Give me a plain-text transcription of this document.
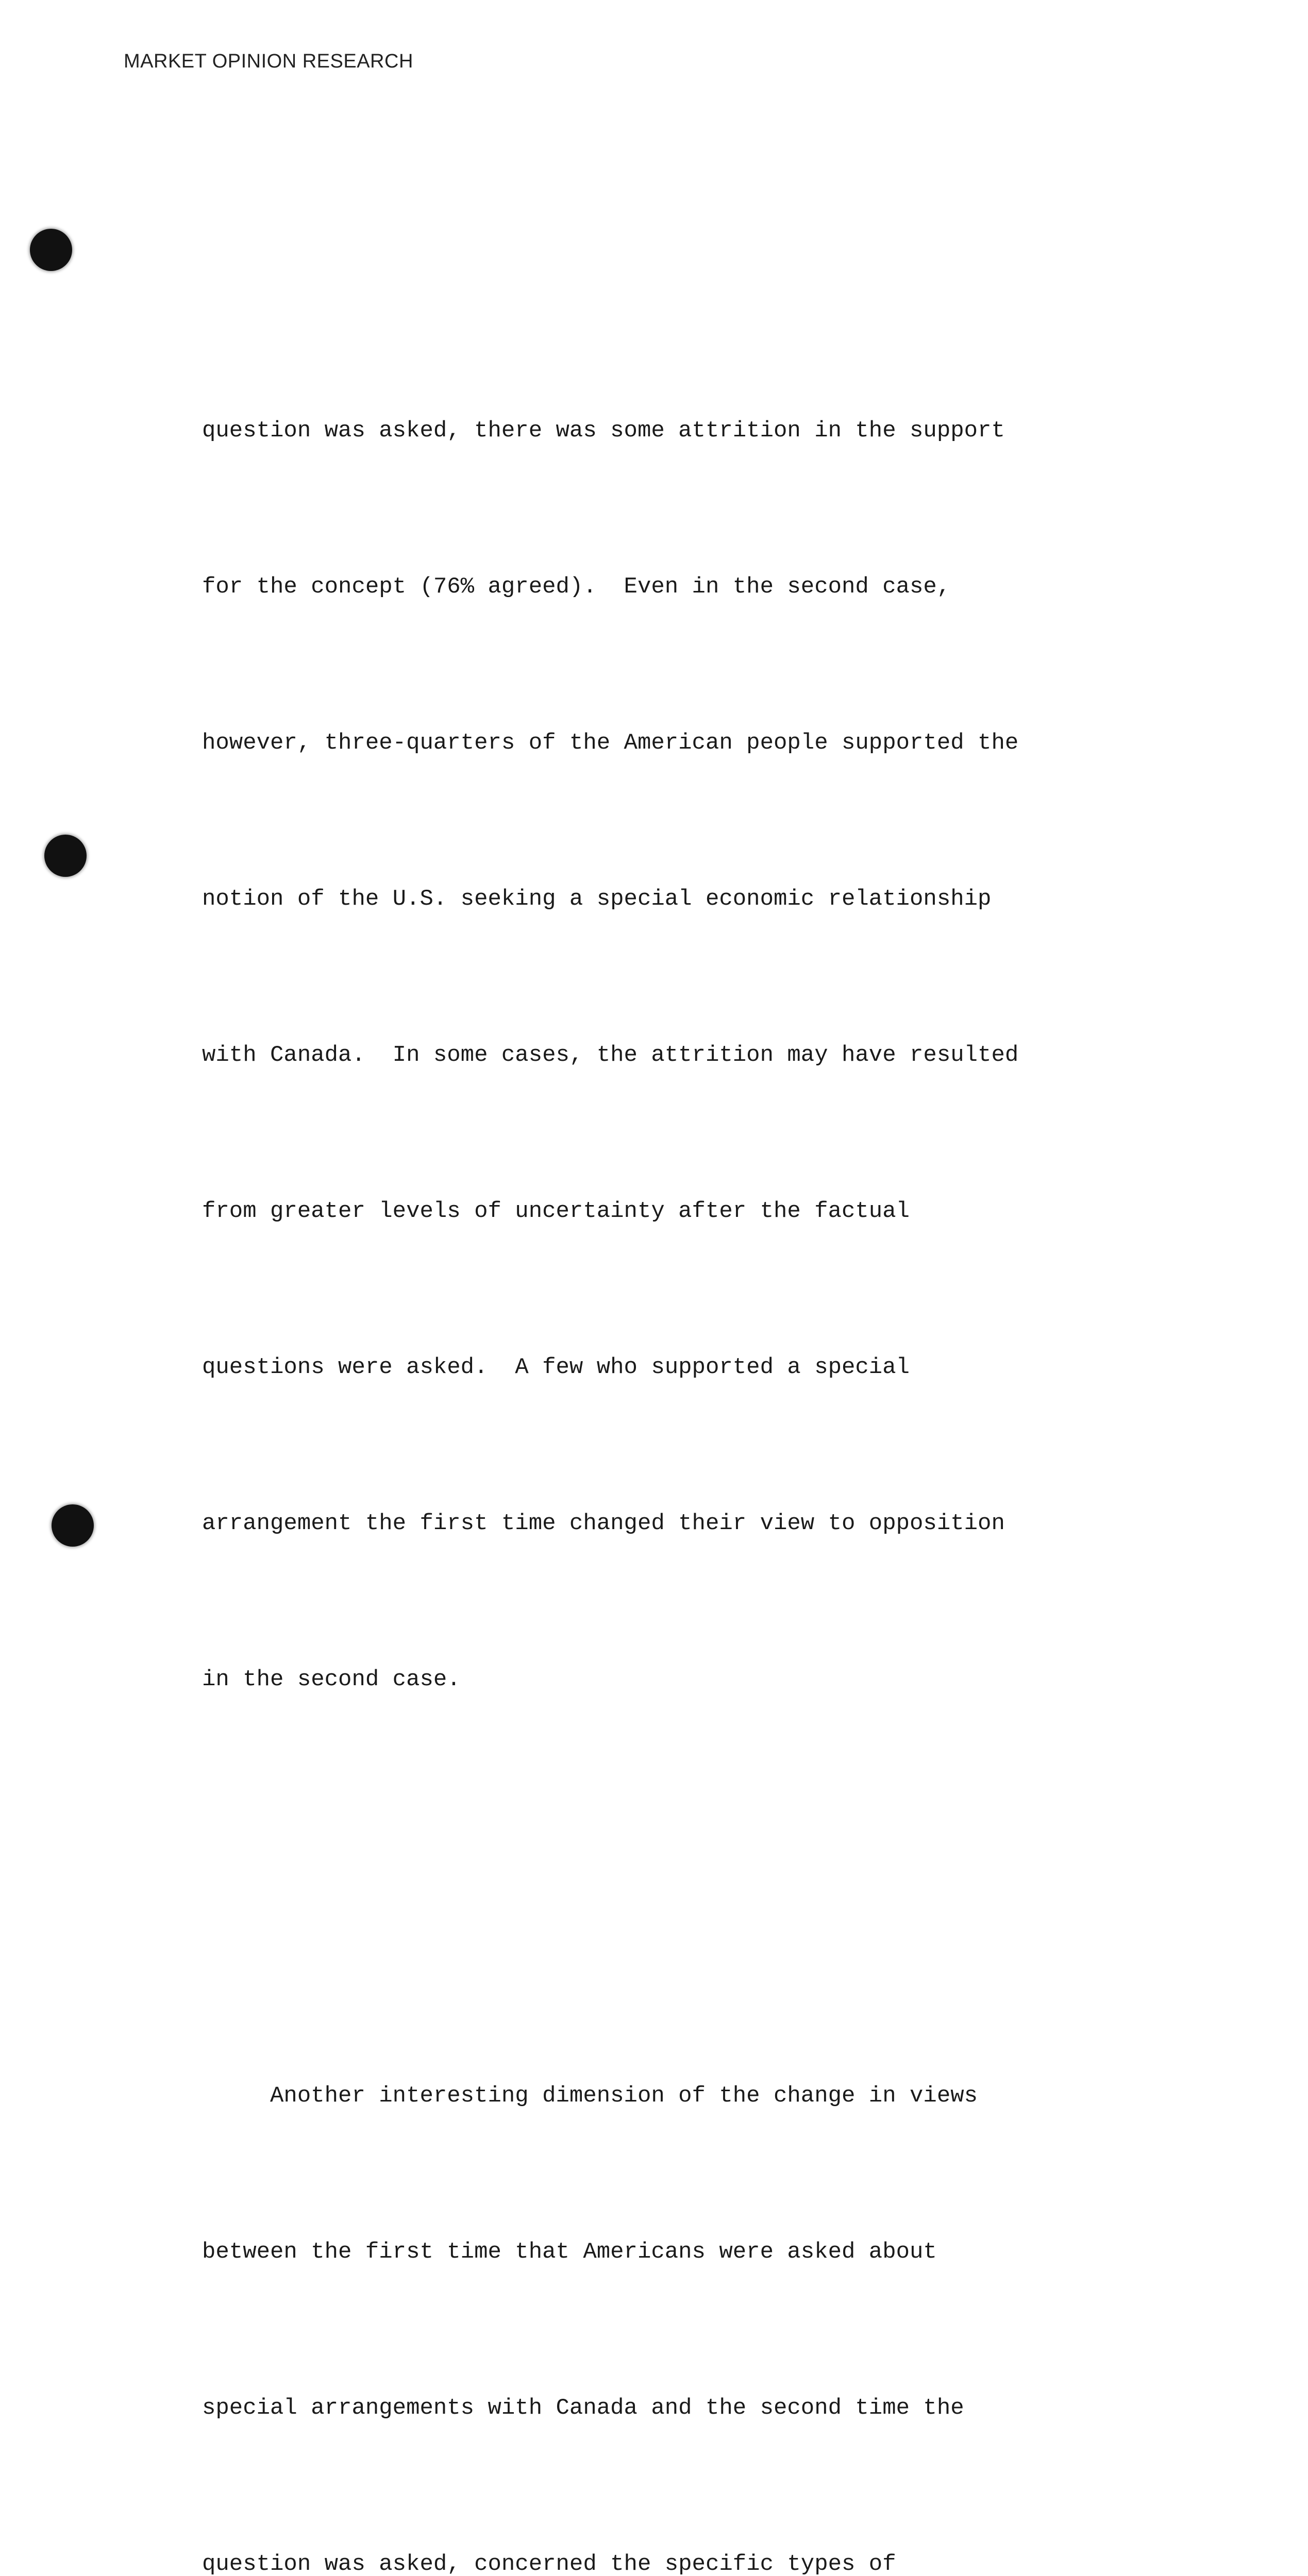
MARKET OPINION RESEARCH

question was asked, there was some attrition in the support

for the concept (76% agreed).  Even in the second case,

however, three-quarters of the American people supported the

notion of the U.S. seeking a special economic relationship

with Canada.  In some cases, the attrition may have resulted

from greater levels of uncertainty after the factual

questions were asked.  A few who supported a special

arrangement the first time changed their view to opposition

in the second case.

Another interesting dimension of the change in views

between the first time that Americans were asked about

special arrangements with Canada and the second time the

question was asked, concerned the specific types of
